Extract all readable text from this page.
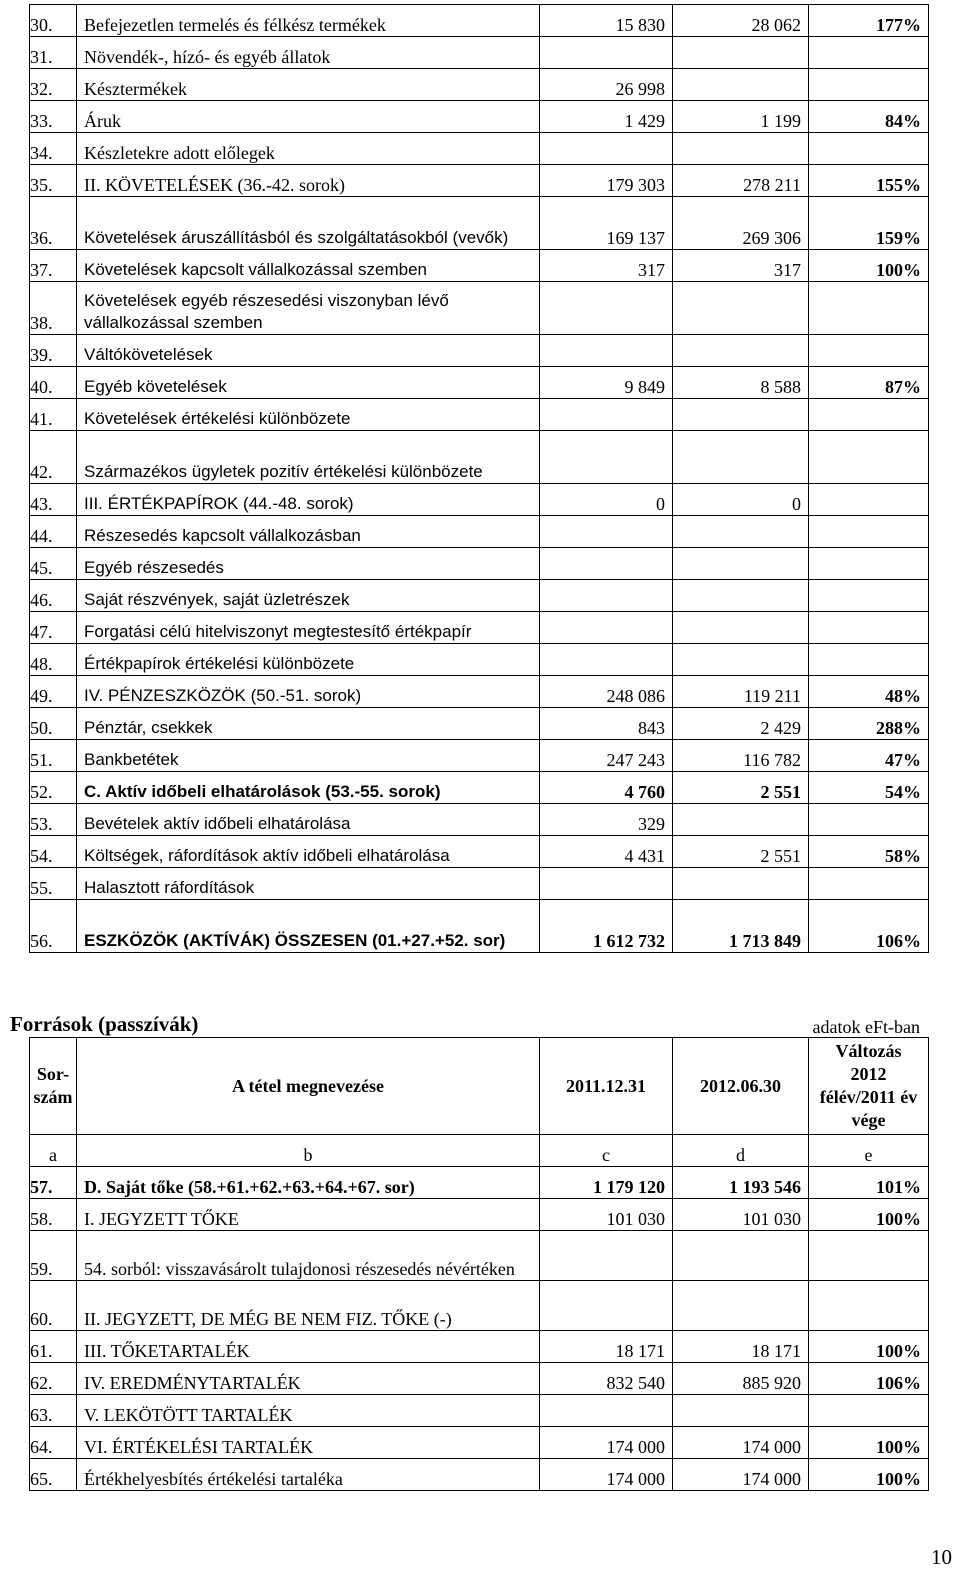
30.	Befejezetlen termelés és félkész termékek	15 830	28 062	177%
31.	Növendék-, hízó- és egyéb állatok			
32.	Késztermékek	26 998		
33.	Áruk	1 429	1 199	84%
34.	Készletekre adott előlegek			
35.	II. KÖVETELÉSEK (36.-42. sorok)	179 303	278 211	155%
36.	Követelések áruszállításból és szolgáltatásokból (vevők)	169 137	269 306	159%
37.	Követelések kapcsolt vállalkozással szemben	317	317	100%
38.	Követelések egyéb részesedési viszonyban lévő vállalkozással szemben			
39.	Váltókövetelések			
40.	Egyéb követelések	9 849	8 588	87%
41.	Követelések értékelési különbözete			
42.	Származékos ügyletek pozitív értékelési különbözete			
43.	III. ÉRTÉKPAPÍROK (44.-48. sorok)	0	0	
44.	Részesedés kapcsolt vállalkozásban			
45.	Egyéb részesedés			
46.	Saját részvények, saját üzletrészek			
47.	Forgatási célú hitelviszonyt megtestesítő értékpapír			
48.	Értékpapírok értékelési különbözete			
49.	IV. PÉNZESZKÖZÖK (50.-51. sorok)	248 086	119 211	48%
50.	Pénztár, csekkek	843	2 429	288%
51.	Bankbetétek	247 243	116 782	47%
52.	C. Aktív időbeli elhatárolások (53.-55. sorok)	4 760	2 551	54%
53.	Bevételek aktív időbeli elhatárolása	329		
54.	Költségek, ráfordítások aktív időbeli elhatárolása	4 431	2 551	58%
55.	Halasztott ráfordítások			
56.	ESZKÖZÖK (AKTÍVÁK) ÖSSZESEN (01.+27.+52. sor)	1 612 732	1 713 849	106%
Források (passzívák)	adatok eFt-ban
Sor-szám	A tétel megnevezése	2011.12.31	2012.06.30	Változás 2012 félév/2011 év vége
a	b	c	d	e
57.	D. Saját tőke (58.+61.+62.+63.+64.+67. sor)	1 179 120	1 193 546	101%
58.	I. JEGYZETT TŐKE	101 030	101 030	100%
59.	54. sorból: visszavásárolt tulajdonosi részesedés névértéken			
60.	II. JEGYZETT, DE MÉG BE NEM FIZ. TŐKE (-)			
61.	III. TŐKETARTALÉK	18 171	18 171	100%
62.	IV. EREDMÉNYTARTALÉK	832 540	885 920	106%
63.	V. LEKÖTÖTT TARTALÉK			
64.	VI. ÉRTÉKELÉSI TARTALÉK	174 000	174 000	100%
65.	Értékhelyesbítés értékelési tartaléka	174 000	174 000	100%
10
